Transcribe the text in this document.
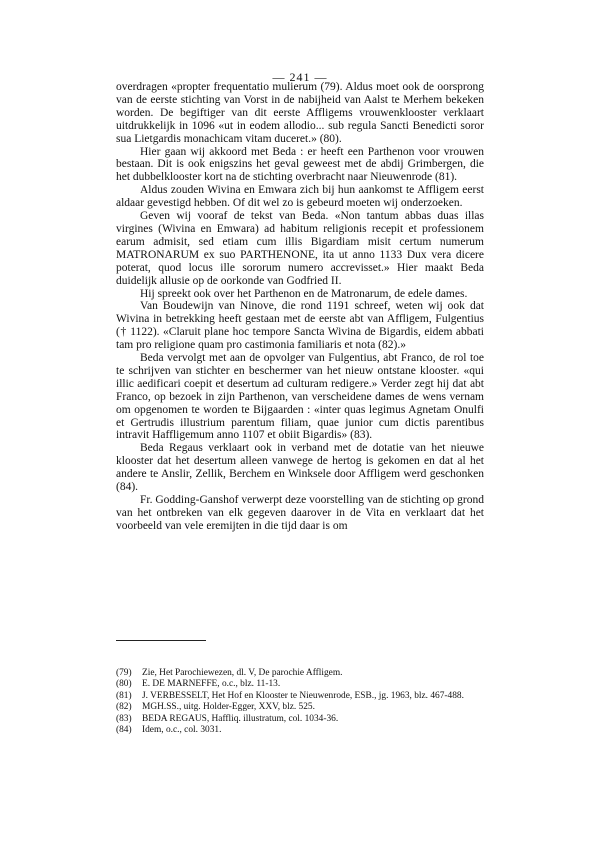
— 241 —

overdragen «propter frequentatio mulierum (79). Aldus moet ook de oorsprong van de eerste stichting van Vorst in de nabijheid van Aalst te Merhem bekeken worden. De begiftiger van dit eerste Affligems vrouwenklooster verklaart uitdrukkelijk in 1096 «ut in eodem allodio... sub regula Sancti Benedicti soror sua Lietgardis monachicam vitam duceret.» (80).

Hier gaan wij akkoord met Beda : er heeft een Parthenon voor vrouwen bestaan. Dit is ook enigszins het geval geweest met de abdij Grimbergen, die het dubbelklooster kort na de stichting overbracht naar Nieuwenrode (81).

Aldus zouden Wivina en Emwara zich bij hun aankomst te Affligem eerst aldaar gevestigd hebben. Of dit wel zo is gebeurd moeten wij onderzoeken.

Geven wij vooraf de tekst van Beda. «Non tantum abbas duas illas virgines (Wivina en Emwara) ad habitum religionis recepit et professionem earum admisit, sed etiam cum illis Bigardiam misit certum numerum MATRONARUM ex suo PARTHENONE, ita ut anno 1133 Dux vera dicere poterat, quod locus ille sororum numero accrevisset.» Hier maakt Beda duidelijk allusie op de oorkonde van Godfried II.

Hij spreekt ook over het Parthenon en de Matronarum, de edele dames.

Van Boudewijn van Ninove, die rond 1191 schreef, weten wij ook dat Wivina in betrekking heeft gestaan met de eerste abt van Affligem, Fulgentius († 1122). «Claruit plane hoc tempore Sancta Wivina de Bigardis, eidem abbati tam pro religione quam pro castimonia familiaris et nota (82).»

Beda vervolgt met aan de opvolger van Fulgentius, abt Franco, de rol toe te schrijven van stichter en beschermer van het nieuw ontstane klooster. «qui illic aedificari coepit et desertum ad culturam redigere.» Verder zegt hij dat abt Franco, op bezoek in zijn Parthenon, van verscheidene dames de wens vernam om opgenomen te worden te Bijgaarden : «inter quas legimus Agnetam Onulfi et Gertrudis illustrium parentum filiam, quae junior cum dictis parentibus intravit Haffligemum anno 1107 et obiit Bigardis» (83).

Beda Regaus verklaart ook in verband met de dotatie van het nieuwe klooster dat het desertum alleen vanwege de hertog is gekomen en dat al het andere te Anslir, Zellik, Berchem en Winksele door Affligem werd geschonken (84).

Fr. Godding-Ganshof verwerpt deze voorstelling van de stichting op grond van het ontbreken van elk gegeven daarover in de Vita en verklaart dat het voorbeeld van vele eremijten in die tijd daar is om

(79)	Zie, Het Parochiewezen, dl. V, De parochie Affligem.
(80)	E. DE MARNEFFE, o.c., blz. 11-13.
(81)	J. VERBESSELT, Het Hof en Klooster te Nieuwenrode, ESB., jg. 1963, blz. 467-488.
(82)	MGH.SS., uitg. Holder-Egger, XXV, blz. 525.
(83)	BEDA REGAUS, Haffliq. illustratum, col. 1034-36.
(84)	Idem, o.c., col. 3031.
